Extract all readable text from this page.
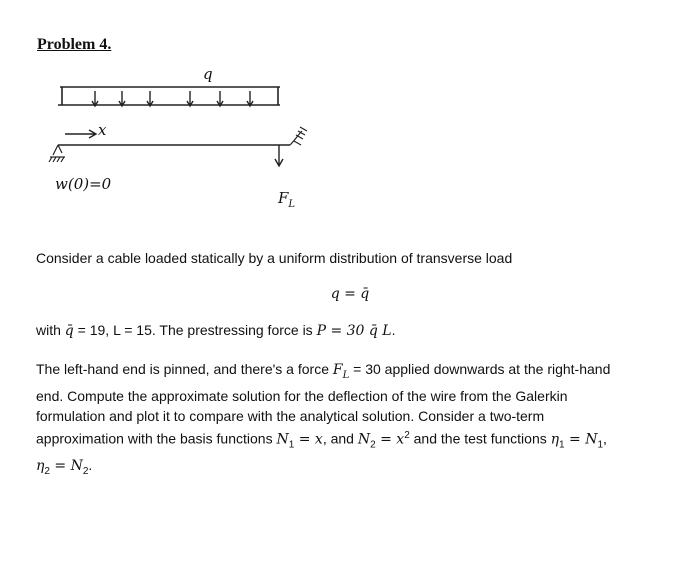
Problem 4.
q
x
w(0)=0
$F_L$
Consider a cable loaded statically by a uniform distribution of transverse load
q = q̄
with q̄ = 19, L = 15. The prestressing force is P = 30 q̄ L.
The left-hand end is pinned, and there's a force $F_L = 30$ applied downwards at the right-hand
end. Compute the approximate solution for the deflection of the wire from the Galerkin
formulation and plot it to compare with the analytical solution. Consider a two-term
approximation with the basis functions $N_1 = x$, and $N_2 = x^2$ and the test functions $\eta_1 = N_1$,
$\eta_2 = N_2$.
